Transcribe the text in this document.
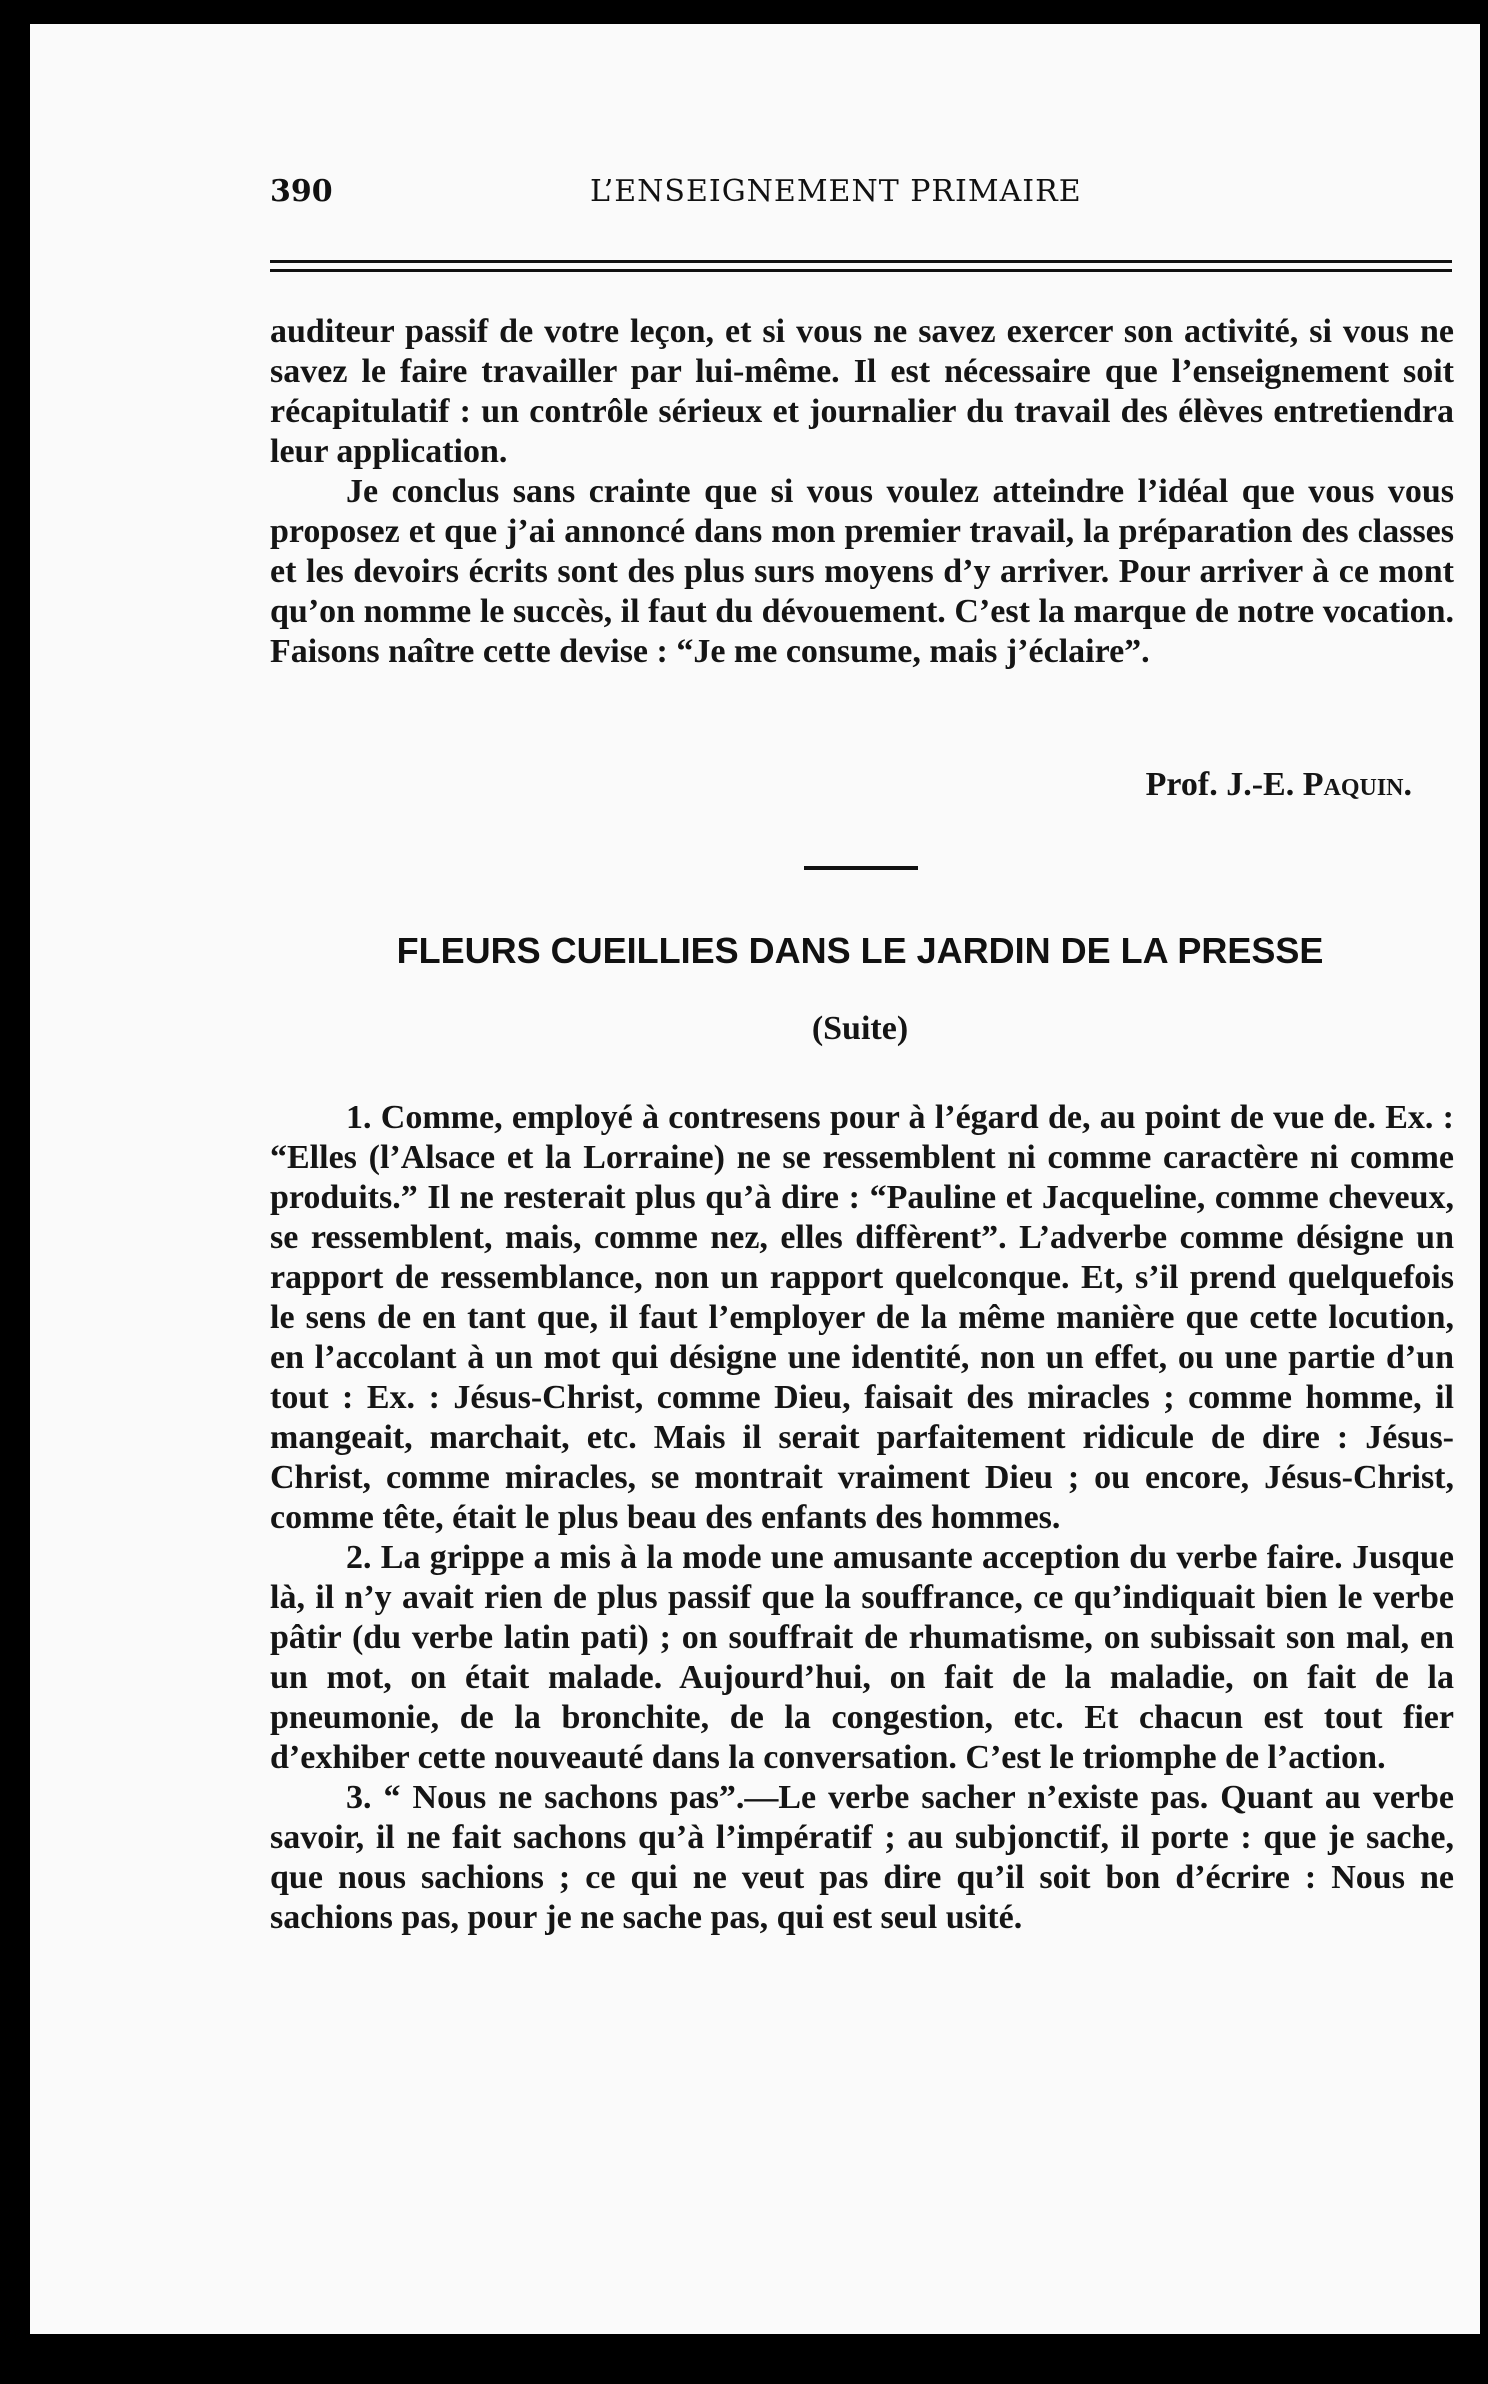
390	L’ENSEIGNEMENT PRIMAIRE

auditeur passif de votre leçon, et si vous ne savez exercer son activité, si vous ne savez le faire travailler par lui-même. Il est nécessaire que l’enseignement soit récapitulatif : un contrôle sérieux et journalier du travail des élèves entretiendra leur application.

Je conclus sans crainte que si vous voulez atteindre l’idéal que vous vous proposez et que j’ai annoncé dans mon premier travail, la préparation des classes et les devoirs écrits sont des plus surs moyens d’y arriver. Pour arriver à ce mont qu’on nomme le succès, il faut du dévouement. C’est la marque de notre vocation. Faisons naître cette devise : “Je me consume, mais j’éclaire”.

Prof. J.-E. Paquin.
FLEURS CUEILLIES DANS LE JARDIN DE LA PRESSE
(Suite)

1. Comme, employé à contresens pour à l’égard de, au point de vue de. Ex. : “Elles (l’Alsace et la Lorraine) ne se ressemblent ni comme caractère ni comme produits.” Il ne resterait plus qu’à dire : “Pauline et Jacqueline, comme cheveux, se ressemblent, mais, comme nez, elles diffèrent”. L’adverbe comme désigne un rapport de ressemblance, non un rapport quelconque. Et, s’il prend quelquefois le sens de en tant que, il faut l’employer de la même manière que cette locution, en l’accolant à un mot qui désigne une identité, non un effet, ou une partie d’un tout : Ex. : Jésus-Christ, comme Dieu, faisait des miracles ; comme homme, il mangeait, marchait, etc. Mais il serait parfaitement ridicule de dire : Jésus-Christ, comme miracles, se montrait vraiment Dieu ; ou encore, Jésus-Christ, comme tête, était le plus beau des enfants des hommes.

2. La grippe a mis à la mode une amusante acception du verbe faire. Jusque là, il n’y avait rien de plus passif que la souffrance, ce qu’indiquait bien le verbe pâtir (du verbe latin pati) ; on souffrait de rhumatisme, on subissait son mal, en un mot, on était malade. Aujourd’hui, on fait de la maladie, on fait de la pneumonie, de la bronchite, de la congestion, etc. Et chacun est tout fier d’exhiber cette nouveauté dans la conversation. C’est le triomphe de l’action.

3. “ Nous ne sachons pas”.—Le verbe sacher n’existe pas. Quant au verbe savoir, il ne fait sachons qu’à l’impératif ; au subjonctif, il porte : que je sache, que nous sachions ; ce qui ne veut pas dire qu’il soit bon d’écrire : Nous ne sachions pas, pour je ne sache pas, qui est seul usité.
